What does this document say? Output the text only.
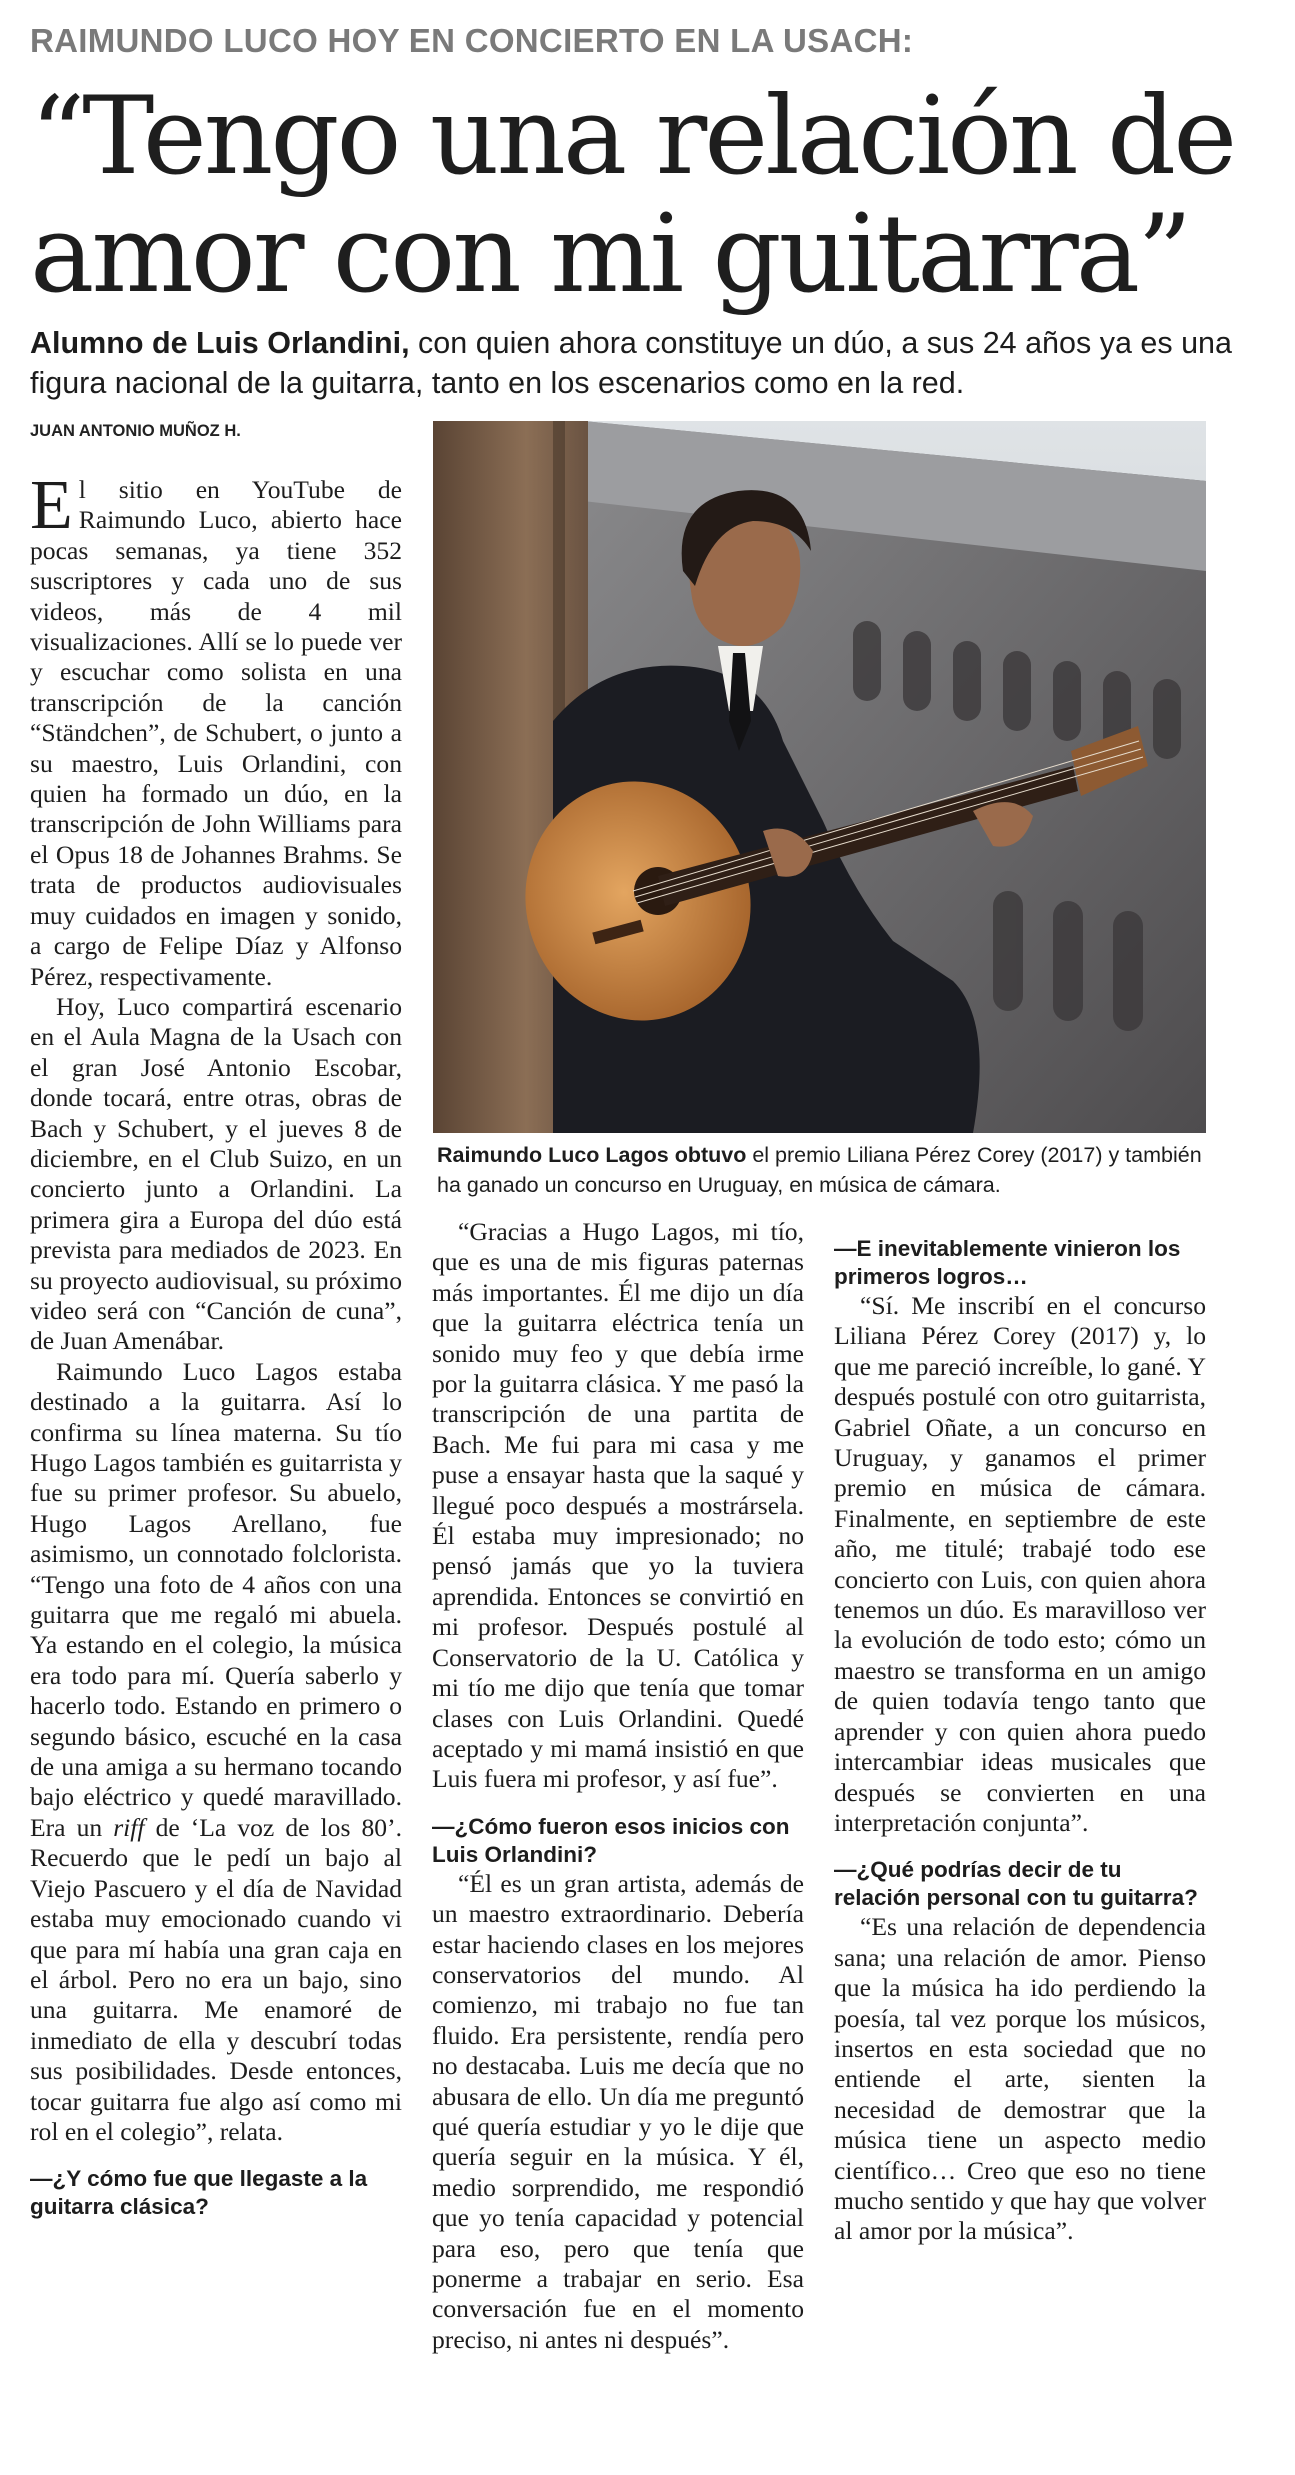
RAIMUNDO LUCO HOY EN CONCIERTO EN LA USACH:
“Tengo una relación de
amor con mi guitarra”
Alumno de Luis Orlandini, con quien ahora constituye un dúo, a sus 24 años ya es una figura nacional de la guitarra, tanto en los escenarios como en la red.
JUAN ANTONIO MUÑOZ H.
Raimundo Luco Lagos obtuvo el premio Liliana Pérez Corey (2017) y también ha ganado un concurso en Uruguay, en música de cámara.

El sitio en YouTube de Raimundo Luco, abierto hace pocas semanas, ya tiene 352 suscriptores y cada uno de sus videos, más de 4 mil visualizaciones. Allí se lo puede ver y escuchar como solista en una transcripción de la canción “Ständchen”, de Schubert, o junto a su maestro, Luis Orlandini, con quien ha formado un dúo, en la transcripción de John Williams para el Opus 18 de Johannes Brahms. Se trata de productos audiovisuales muy cuidados en imagen y sonido, a cargo de Felipe Díaz y Alfonso Pérez, respectivamente.

Hoy, Luco compartirá escenario en el Aula Magna de la Usach con el gran José Antonio Escobar, donde tocará, entre otras, obras de Bach y Schubert, y el jueves 8 de diciembre, en el Club Suizo, en un concierto junto a Orlandini. La primera gira a Europa del dúo está prevista para mediados de 2023. En su proyecto audiovisual, su próximo video será con “Canción de cuna”, de Juan Amenábar.

Raimundo Luco Lagos estaba destinado a la guitarra. Así lo confirma su línea materna. Su tío Hugo Lagos también es guitarrista y fue su primer profesor. Su abuelo, Hugo Lagos Arellano, fue asimismo, un connotado folclorista. “Tengo una foto de 4 años con una guitarra que me regaló mi abuela. Ya estando en el colegio, la música era todo para mí. Quería saberlo y hacerlo todo. Estando en primero o segundo básico, escuché en la casa de una amiga a su hermano tocando bajo eléctrico y quedé maravillado. Era un riff de ‘La voz de los 80’. Recuerdo que le pedí un bajo al Viejo Pascuero y el día de Navidad estaba muy emocionado cuando vi que para mí había una gran caja en el árbol. Pero no era un bajo, sino una guitarra. Me enamoré de inmediato de ella y descubrí todas sus posibilidades. Desde entonces, tocar guitarra fue algo así como mi rol en el colegio”, relata.

—¿Y cómo fue que llegaste a la guitarra clásica?

“Gracias a Hugo Lagos, mi tío, que es una de mis figuras paternas más importantes. Él me dijo un día que la guitarra eléctrica tenía un sonido muy feo y que debía irme por la guitarra clásica. Y me pasó la transcripción de una partita de Bach. Me fui para mi casa y me puse a ensayar hasta que la saqué y llegué poco después a mostrársela. Él estaba muy impresionado; no pensó jamás que yo la tuviera aprendida. Entonces se convirtió en mi profesor. Después postulé al Conservatorio de la U. Católica y mi tío me dijo que tenía que tomar clases con Luis Orlandini. Quedé aceptado y mi mamá insistió en que Luis fuera mi profesor, y así fue”.

—¿Cómo fueron esos inicios con Luis Orlandini?

“Él es un gran artista, además de un maestro extraordinario. Debería estar haciendo clases en los mejores conservatorios del mundo. Al comienzo, mi trabajo no fue tan fluido. Era persistente, rendía pero no destacaba. Luis me decía que no abusara de ello. Un día me preguntó qué quería estudiar y yo le dije que quería seguir en la música. Y él, medio sorprendido, me respondió que yo tenía capacidad y potencial para eso, pero que tenía que ponerme a trabajar en serio. Esa conversación fue en el momento preciso, ni antes ni después”.

—E inevitablemente vinieron los primeros logros…

“Sí. Me inscribí en el concurso Liliana Pérez Corey (2017) y, lo que me pareció increíble, lo gané. Y después postulé con otro guitarrista, Gabriel Oñate, a un concurso en Uruguay, y ganamos el primer premio en música de cámara. Finalmente, en septiembre de este año, me titulé; trabajé todo ese concierto con Luis, con quien ahora tenemos un dúo. Es maravilloso ver la evolución de todo esto; cómo un maestro se transforma en un amigo de quien todavía tengo tanto que aprender y con quien ahora puedo intercambiar ideas musicales que después se convierten en una interpretación conjunta”.

—¿Qué podrías decir de tu relación personal con tu guitarra?

“Es una relación de dependencia sana; una relación de amor. Pienso que la música ha ido perdiendo la poesía, tal vez porque los músicos, insertos en esta sociedad que no entiende el arte, sienten la necesidad de demostrar que la música tiene un aspecto medio científico… Creo que eso no tiene mucho sentido y que hay que volver al amor por la música”.
